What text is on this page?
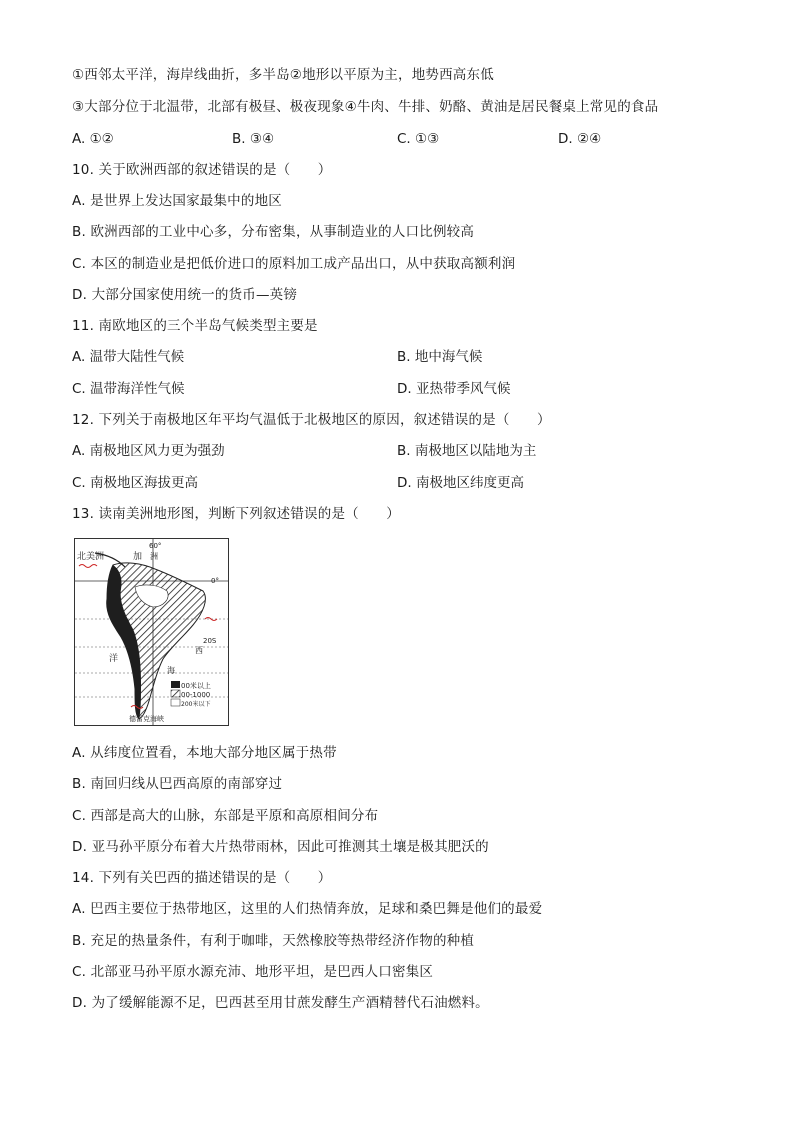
①西邻太平洋，海岸线曲折，多半岛②地形以平原为主，地势西高东低
③大部分位于北温带，北部有极昼、极夜现象④牛肉、牛排、奶酪、黄油是居民餐桌上常见的食品
A. ①②	B. ③④	C. ①③	D. ②④
10. 关于欧洲西部的叙述错误的是（　　）
A. 是世界上发达国家最集中的地区
B. 欧洲西部的工业中心多，分布密集，从事制造业的人口比例较高
C. 本区的制造业是把低价进口的原料加工成产品出口，从中获取高额利润
D. 大部分国家使用统一的货币—英镑
11. 南欧地区的三个半岛气候类型主要是
A. 温带大陆性气候	B. 地中海气候
C. 温带海洋性气候	D. 亚热带季风气候
12. 下列关于南极地区年平均气温低于北极地区的原因，叙述错误的是（　　）
A. 南极地区风力更为强劲	B. 南极地区以陆地为主
C. 南极地区海拔更高	D. 南极地区纬度更高
13. 读南美洲地形图，判断下列叙述错误的是（　　）
北美洲	加
60°
洲
0°
洋
20S
西
海
00米以上
00-1000
200米以下
德雷克海峡
A. 从纬度位置看，本地大部分地区属于热带
B. 南回归线从巴西高原的南部穿过
C. 西部是高大的山脉，东部是平原和高原相间分布
D. 亚马孙平原分布着大片热带雨林，因此可推测其土壤是极其肥沃的
14. 下列有关巴西的描述错误的是（　　）
A. 巴西主要位于热带地区，这里的人们热情奔放，足球和桑巴舞是他们的最爱
B. 充足的热量条件，有利于咖啡，天然橡胶等热带经济作物的种植
C. 北部亚马孙平原水源充沛、地形平坦，是巴西人口密集区
D. 为了缓解能源不足，巴西甚至用甘蔗发酵生产酒精替代石油燃料。
